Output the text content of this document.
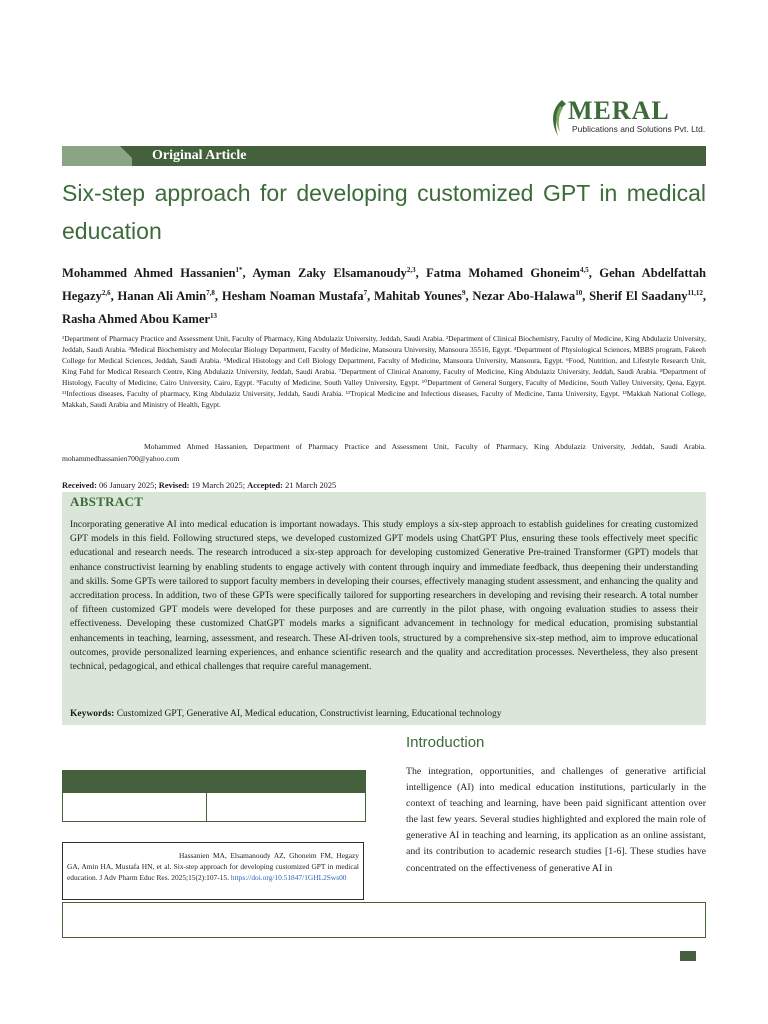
MERAL
Publications and Solutions Pvt. Ltd.
Original Article
Six-step approach for developing customized GPT in medical education
Mohammed Ahmed Hassanien$^{1*}$, Ayman Zaky Elsamanoudy$^{2,3}$, Fatma Mohamed Ghoneim$^{4,5}$, Gehan Abdelfattah Hegazy$^{2,6}$, Hanan Ali Amin$^{7,8}$, Hesham Noaman Mustafa$^7$, Mahitab Younes$^9$, Nezar Abo-Halawa$^{10}$, Sherif El Saadany$^{11,12}$, Rasha Ahmed Abou Kamer$^{13}$
¹Department of Pharmacy Practice and Assessment Unit, Faculty of Pharmacy, King Abdulaziz University, Jeddah, Saudi Arabia. ²Department of Clinical Biochemistry, Faculty of Medicine, King Abdulaziz University, Jeddah, Saudi Arabia. ³Medical Biochemistry and Molecular Biology Department, Faculty of Medicine, Mansoura University, Mansoura 35516, Egypt. ⁴Department of Physiological Sciences, MBBS program, Fakeeh College for Medical Sciences, Jeddah, Saudi Arabia. ⁵Medical Histology and Cell Biology Department, Faculty of Medicine, Mansoura University, Mansoura, Egypt. ⁶Food, Nutrition, and Lifestyle Research Unit, King Fahd for Medical Research Centre, King Abdulaziz University, Jeddah, Saudi Arabia. ⁷Department of Clinical Anatomy, Faculty of Medicine, King Abdulaziz University, Jeddah, Saudi Arabia. ⁸Department of Histology, Faculty of Medicine, Cairo University, Cairo, Egypt. ⁹Faculty of Medicine, South Valley University, Egypt. ¹⁰Department of General Surgery, Faculty of Medicine, South Valley University, Qena, Egypt. ¹¹Infectious diseases, Faculty of pharmacy, King Abdulaziz University, Jeddah, Saudi Arabia. ¹²Tropical Medicine and Infectious diseases, Faculty of Medicine, Tanta University, Egypt. ¹³Makkah National College, Makkah, Saudi Arabia and Ministry of Health, Egypt.
Mohammed Ahmed Hassanien, Department of Pharmacy Practice and Assessment Unit, Faculty of Pharmacy, King Abdulaziz University, Jeddah, Saudi Arabia. mohammedhassanien700@yahoo.com
Received: 06 January 2025; Revised: 19 March 2025; Accepted: 21 March 2025
ABSTRACT
Incorporating generative AI into medical education is important nowadays. This study employs a six-step approach to establish guidelines for creating customized GPT models in this field. Following structured steps, we developed customized GPT models using ChatGPT Plus, ensuring these tools effectively meet specific educational and research needs. The research introduced a six-step approach for developing customized Generative Pre-trained Transformer (GPT) models that enhance constructivist learning by enabling students to engage actively with content through inquiry and immediate feedback, thus deepening their understanding and skills. Some GPTs were tailored to support faculty members in developing their courses, effectively managing student assessment, and enhancing the quality and accreditation process. In addition, two of these GPTs were specifically tailored for supporting researchers in developing and revising their research. A total number of fifteen customized GPT models were developed for these purposes and are currently in the pilot phase, with ongoing evaluation studies to assess their effectiveness. Developing these customized ChatGPT models marks a significant advancement in technology for medical education, promising substantial enhancements in teaching, learning, assessment, and research. These AI-driven tools, structured by a comprehensive six-step method, aim to improve educational outcomes, provide personalized learning experiences, and enhance scientific research and the quality and accreditation processes. Nevertheless, they also present technical, pedagogical, and ethical challenges that require careful management.
Keywords: Customized GPT, Generative AI, Medical education, Constructivist learning, Educational technology
Hassanien MA, Elsamanoudy AZ, Ghoneim FM, Hegazy GA, Amin HA, Mustafa HN, et al. Six-step approach for developing customized GPT in medical education. J Adv Pharm Educ Res. 2025;15(2):107-15. https://doi.org/10.51847/1GHL2Sws00
Introduction
The integration, opportunities, and challenges of generative artificial intelligence (AI) into medical education institutions, particularly in the context of teaching and learning, have been paid significant attention over the last few years. Several studies highlighted and explored the main role of generative AI in teaching and learning, its application as an online assistant, and its contribution to academic research studies [1-6]. These studies have concentrated on the effectiveness of generative AI in
